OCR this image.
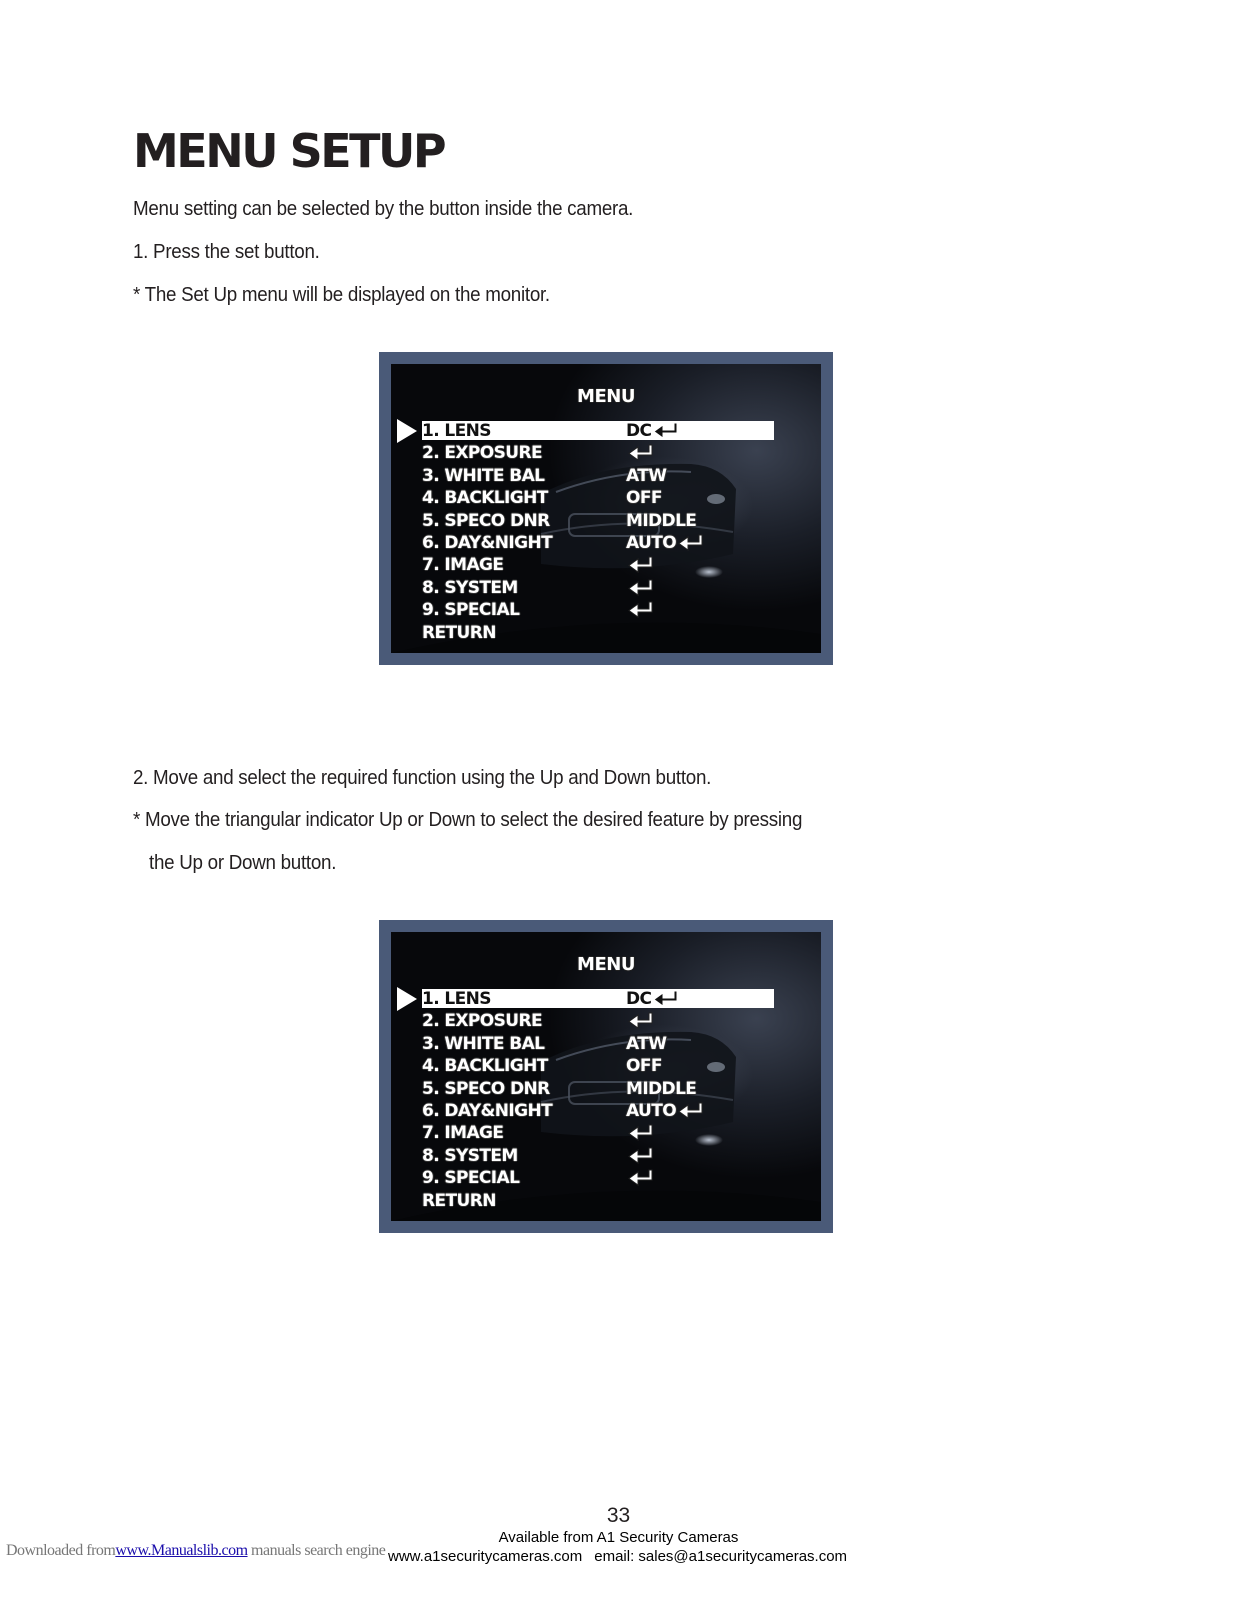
MENU SETUP

Menu setting can be selected by the button inside the camera.

1. Press the set button.

* The Set Up menu will be displayed on the monitor.

MENU
1. LENS	DC
2. EXPOSURE
3. WHITE BAL	ATW
4. BACKLIGHT	OFF
5. SPECO DNR	MIDDLE
6. DAY&NIGHT	AUTO
7. IMAGE
8. SYSTEM
9. SPECIAL
RETURN

2. Move and select the required function using the Up and Down button.

* Move the triangular indicator Up or Down to select the desired feature by pressing

the Up or Down button.

MENU
1. LENS	DC
2. EXPOSURE
3. WHITE BAL	ATW
4. BACKLIGHT	OFF
5. SPECO DNR	MIDDLE
6. DAY&NIGHT	AUTO
7. IMAGE
8. SYSTEM
9. SPECIAL
RETURN
33
Available from A1 Security Cameras
www.a1securitycameras.com email: sales@a1securitycameras.com
Downloaded fromwww.Manualslib.com manuals search engine
